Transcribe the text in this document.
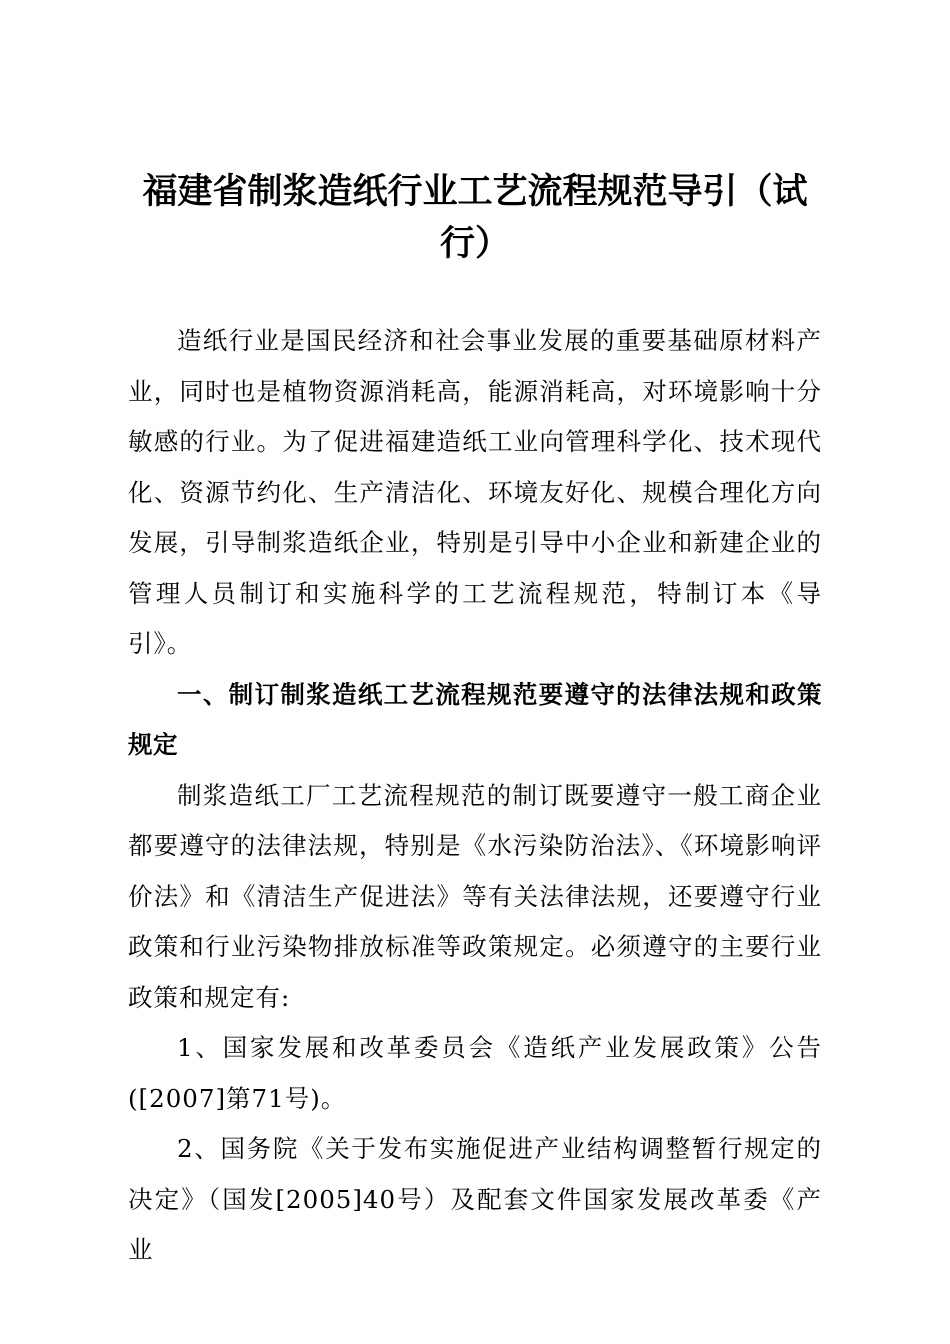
福建省制浆造纸行业工艺流程规范导引（试行）

造纸行业是国民经济和社会事业发展的重要基础原材料产业，同时也是植物资源消耗高，能源消耗高，对环境影响十分敏感的行业。为了促进福建造纸工业向管理科学化、技术现代化、资源节约化、生产清洁化、环境友好化、规模合理化方向发展，引导制浆造纸企业，特别是引导中小企业和新建企业的管理人员制订和实施科学的工艺流程规范，特制订本《导引》。

一、制订制浆造纸工艺流程规范要遵守的法律法规和政策规定

制浆造纸工厂工艺流程规范的制订既要遵守一般工商企业都要遵守的法律法规，特别是《水污染防治法》、《环境影响评价法》和《清洁生产促进法》等有关法律法规，还要遵守行业政策和行业污染物排放标准等政策规定。必须遵守的主要行业政策和规定有:

1、国家发展和改革委员会《造纸产业发展政策》公告([2007]第71号)。

2、国务院《关于发布实施促进产业结构调整暂行规定的决定》（国发[2005]40号）及配套文件国家发展改革委《产业
